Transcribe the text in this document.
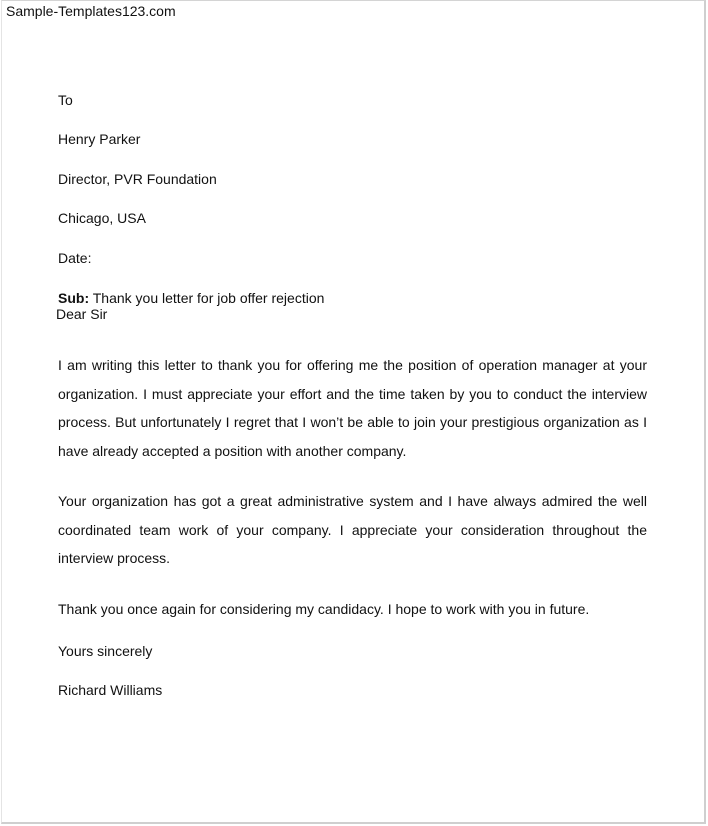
Sample-Templates123.com
To
Henry Parker
Director, PVR Foundation
Chicago, USA
Date:
Sub: Thank you letter for job offer rejection
Dear Sir

I am writing this letter to thank you for offering me the position of operation manager at your organization. I must appreciate your effort and the time taken by you to conduct the interview process. But unfortunately I regret that I won’t be able to join your prestigious organization as I have already accepted a position with another company.

Your organization has got a great administrative system and I have always admired the well coordinated team work of your company. I appreciate your consideration throughout the interview process.

Thank you once again for considering my candidacy. I hope to work with you in future.

Yours sincerely
Richard Williams
